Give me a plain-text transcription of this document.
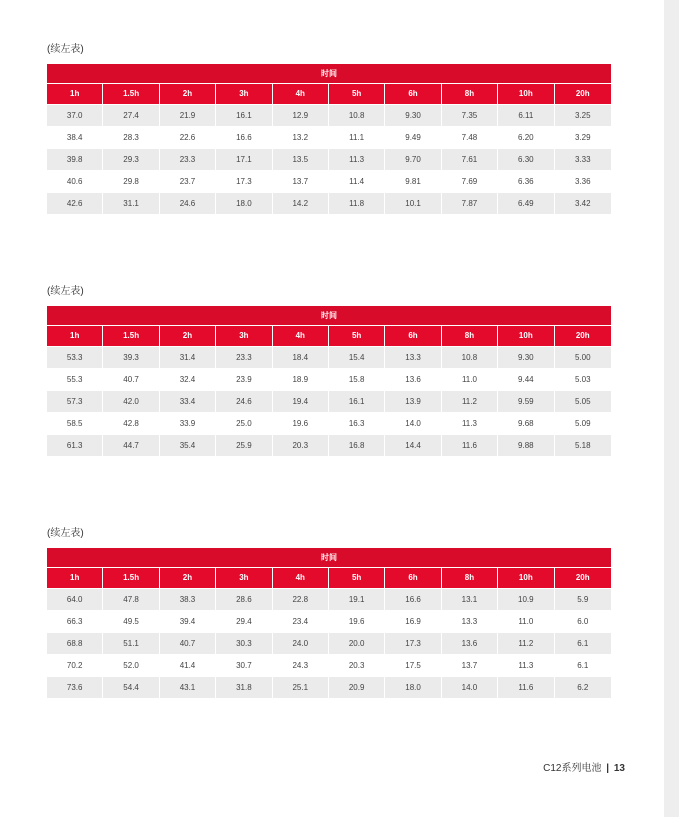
(续左表)
时间									
1h	1.5h	2h	3h	4h	5h	6h	8h	10h	20h
37.0	27.4	21.9	16.1	12.9	10.8	9.30	7.35	6.11	3.25
38.4	28.3	22.6	16.6	13.2	11.1	9.49	7.48	6.20	3.29
39.8	29.3	23.3	17.1	13.5	11.3	9.70	7.61	6.30	3.33
40.6	29.8	23.7	17.3	13.7	11.4	9.81	7.69	6.36	3.36
42.6	31.1	24.6	18.0	14.2	11.8	10.1	7.87	6.49	3.42
(续左表)
时间									
1h	1.5h	2h	3h	4h	5h	6h	8h	10h	20h
53.3	39.3	31.4	23.3	18.4	15.4	13.3	10.8	9.30	5.00
55.3	40.7	32.4	23.9	18.9	15.8	13.6	11.0	9.44	5.03
57.3	42.0	33.4	24.6	19.4	16.1	13.9	11.2	9.59	5.05
58.5	42.8	33.9	25.0	19.6	16.3	14.0	11.3	9.68	5.09
61.3	44.7	35.4	25.9	20.3	16.8	14.4	11.6	9.88	5.18
(续左表)
时间									
1h	1.5h	2h	3h	4h	5h	6h	8h	10h	20h
64.0	47.8	38.3	28.6	22.8	19.1	16.6	13.1	10.9	5.9
66.3	49.5	39.4	29.4	23.4	19.6	16.9	13.3	11.0	6.0
68.8	51.1	40.7	30.3	24.0	20.0	17.3	13.6	11.2	6.1
70.2	52.0	41.4	30.7	24.3	20.3	17.5	13.7	11.3	6.1
73.6	54.4	43.1	31.8	25.1	20.9	18.0	14.0	11.6	6.2
C12系列电池 | 13
